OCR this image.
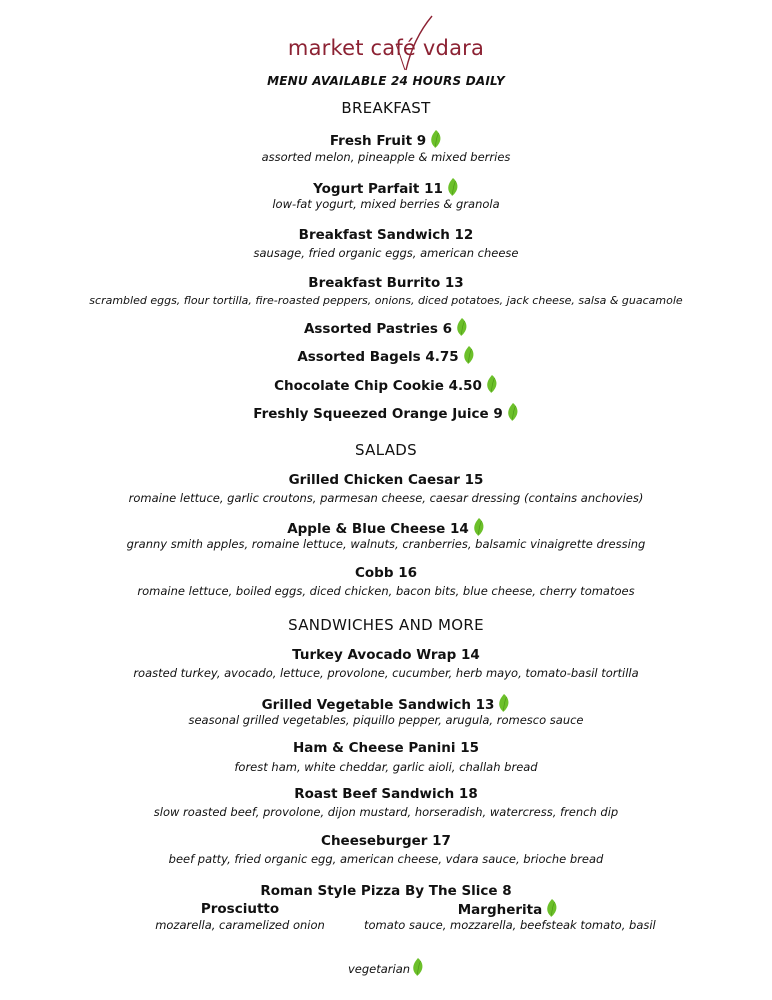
market café vdara
MENU AVAILABLE 24 HOURS DAILY
BREAKFAST
Fresh Fruit 9
assorted melon, pineapple & mixed berries
Yogurt Parfait 11
low-fat yogurt, mixed berries & granola
Breakfast Sandwich 12
sausage, fried organic eggs, american cheese
Breakfast Burrito 13
scrambled eggs, flour tortilla, fire-roasted peppers, onions, diced potatoes, jack cheese, salsa & guacamole
Assorted Pastries 6
Assorted Bagels 4.75
Chocolate Chip Cookie 4.50
Freshly Squeezed Orange Juice 9
SALADS
Grilled Chicken Caesar 15
romaine lettuce, garlic croutons, parmesan cheese, caesar dressing (contains anchovies)
Apple & Blue Cheese 14
granny smith apples, romaine lettuce, walnuts, cranberries, balsamic vinaigrette dressing
Cobb 16
romaine lettuce, boiled eggs, diced chicken, bacon bits, blue cheese, cherry tomatoes
SANDWICHES AND MORE
Turkey Avocado Wrap 14
roasted turkey, avocado, lettuce, provolone, cucumber, herb mayo, tomato-basil tortilla
Grilled Vegetable Sandwich 13
seasonal grilled vegetables, piquillo pepper, arugula, romesco sauce
Ham & Cheese Panini 15
forest ham, white cheddar, garlic aioli, challah bread
Roast Beef Sandwich 18
slow roasted beef, provolone, dijon mustard, horseradish, watercress, french dip
Cheeseburger 17
beef patty, fried organic egg, american cheese, vdara sauce, brioche bread
Roman Style Pizza By The Slice 8
Prosciutto
mozarella, caramelized onion
Margherita
tomato sauce, mozzarella, beefsteak tomato, basil
vegetarian
